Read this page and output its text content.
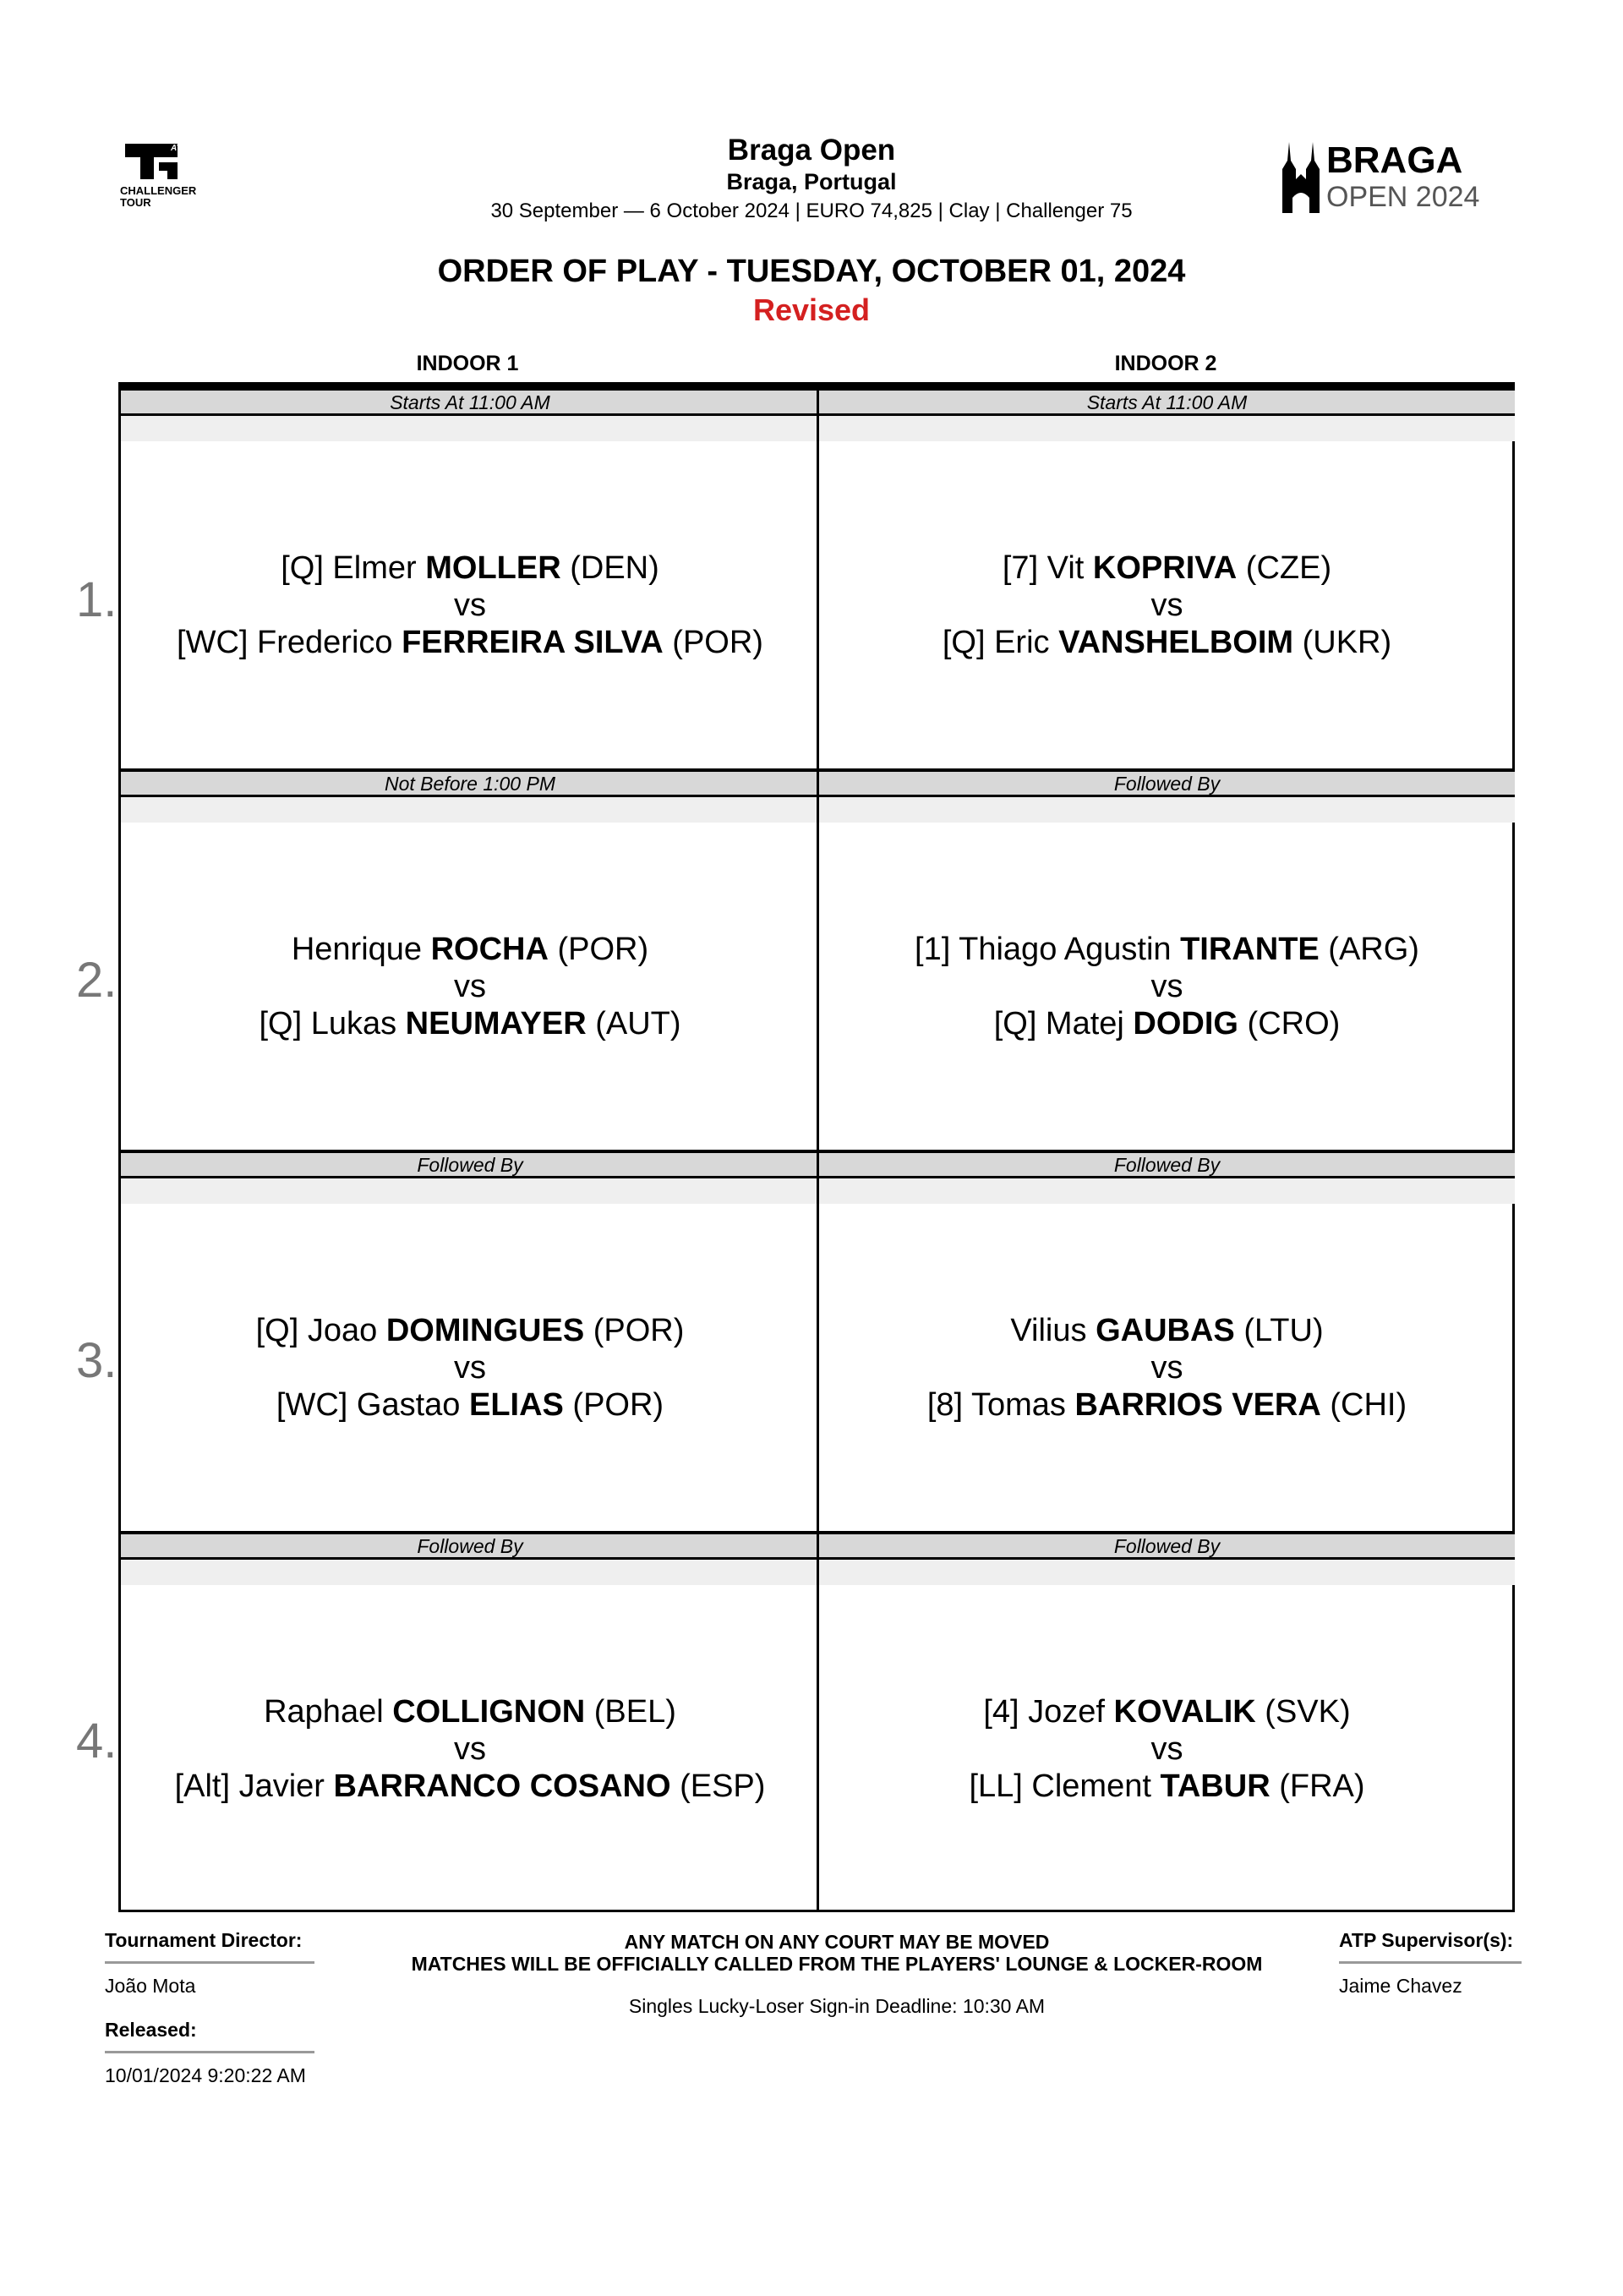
ATP
CHALLENGER
TOUR
BRAGA
OPEN 2024
Braga Open
Braga, Portugal
30 September — 6 October 2024 | EURO 74,825 | Clay | Challenger 75
ORDER OF PLAY - TUESDAY, OCTOBER 01, 2024
Revised
INDOOR 1	INDOOR 2
1.
2.
3.
4.
Starts At 11:00 AM
[Q] Elmer MOLLER (DEN)
vs
[WC] Frederico FERREIRA SILVA (POR)
Starts At 11:00 AM
[7] Vit KOPRIVA (CZE)
vs
[Q] Eric VANSHELBOIM (UKR)
Not Before 1:00 PM
Henrique ROCHA (POR)
vs
[Q] Lukas NEUMAYER (AUT)
Followed By
[1] Thiago Agustin TIRANTE (ARG)
vs
[Q] Matej DODIG (CRO)
Followed By
[Q] Joao DOMINGUES (POR)
vs
[WC] Gastao ELIAS (POR)
Followed By
Vilius GAUBAS (LTU)
vs
[8] Tomas BARRIOS VERA (CHI)
Followed By
Raphael COLLIGNON (BEL)
vs
[Alt] Javier BARRANCO COSANO (ESP)
Followed By
[4] Jozef KOVALIK (SVK)
vs
[LL] Clement TABUR (FRA)
Tournament Director:
João Mota
Released:
10/01/2024 9:20:22 AM
ANY MATCH ON ANY COURT MAY BE MOVED
MATCHES WILL BE OFFICIALLY CALLED FROM THE PLAYERS' LOUNGE & LOCKER-ROOM
Singles Lucky-Loser Sign-in Deadline: 10:30 AM
ATP Supervisor(s):
Jaime Chavez
